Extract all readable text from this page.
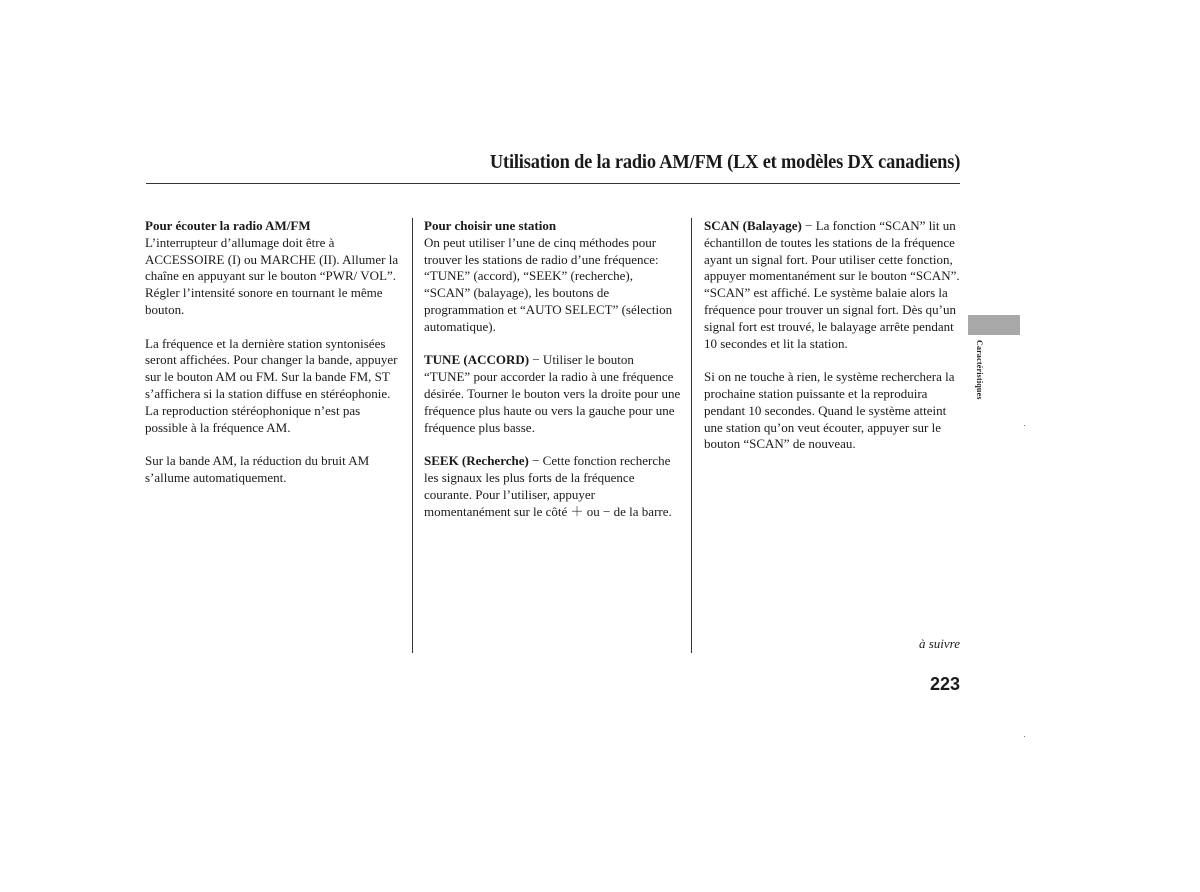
Utilisation de la radio AM/FM (LX et modèles DX canadiens)

Pour écouter la radio AM/FM
L’interrupteur d’allumage doit être à ACCESSOIRE (I) ou MARCHE (II). Allumer la chaîne en appuyant sur le bouton “PWR/ VOL”. Régler l’intensité sonore en tournant le même bouton.

La fréquence et la dernière station syntonisées seront affichées. Pour changer la bande, appuyer sur le bouton AM ou FM. Sur la bande FM, ST s’affichera si la station diffuse en stéréophonie. La reproduction stéréophonique n’est pas possible à la fréquence AM.

Sur la bande AM, la réduction du bruit AM s’allume automatiquement.

Pour choisir une station
On peut utiliser l’une de cinq méthodes pour trouver les stations de radio d’une fréquence: “TUNE” (accord), “SEEK” (recherche), “SCAN” (balayage), les boutons de programmation et “AUTO SELECT” (sélection automatique).

TUNE (ACCORD) − Utiliser le bouton “TUNE” pour accorder la radio à une fréquence désirée. Tourner le bouton vers la droite pour une fréquence plus haute ou vers la gauche pour une fréquence plus basse.

SEEK (Recherche) − Cette fonction recherche les signaux les plus forts de la fréquence courante. Pour l’utiliser, appuyer momentanément sur le côté ＋ ou − de la barre.

SCAN (Balayage) − La fonction “SCAN” lit un échantillon de toutes les stations de la fréquence ayant un signal fort. Pour utiliser cette fonction, appuyer momentanément sur le bouton “SCAN”. “SCAN” est affiché. Le système balaie alors la fréquence pour trouver un signal fort. Dès qu’un signal fort est trouvé, le balayage arrête pendant 10 secondes et lit la station.

Si on ne touche à rien, le système recherchera la prochaine station puissante et la reproduira pendant 10 secondes. Quand le système atteint une station qu’on veut écouter, appuyer sur le bouton “SCAN” de nouveau.

Caractéristiques
à suivre
223
